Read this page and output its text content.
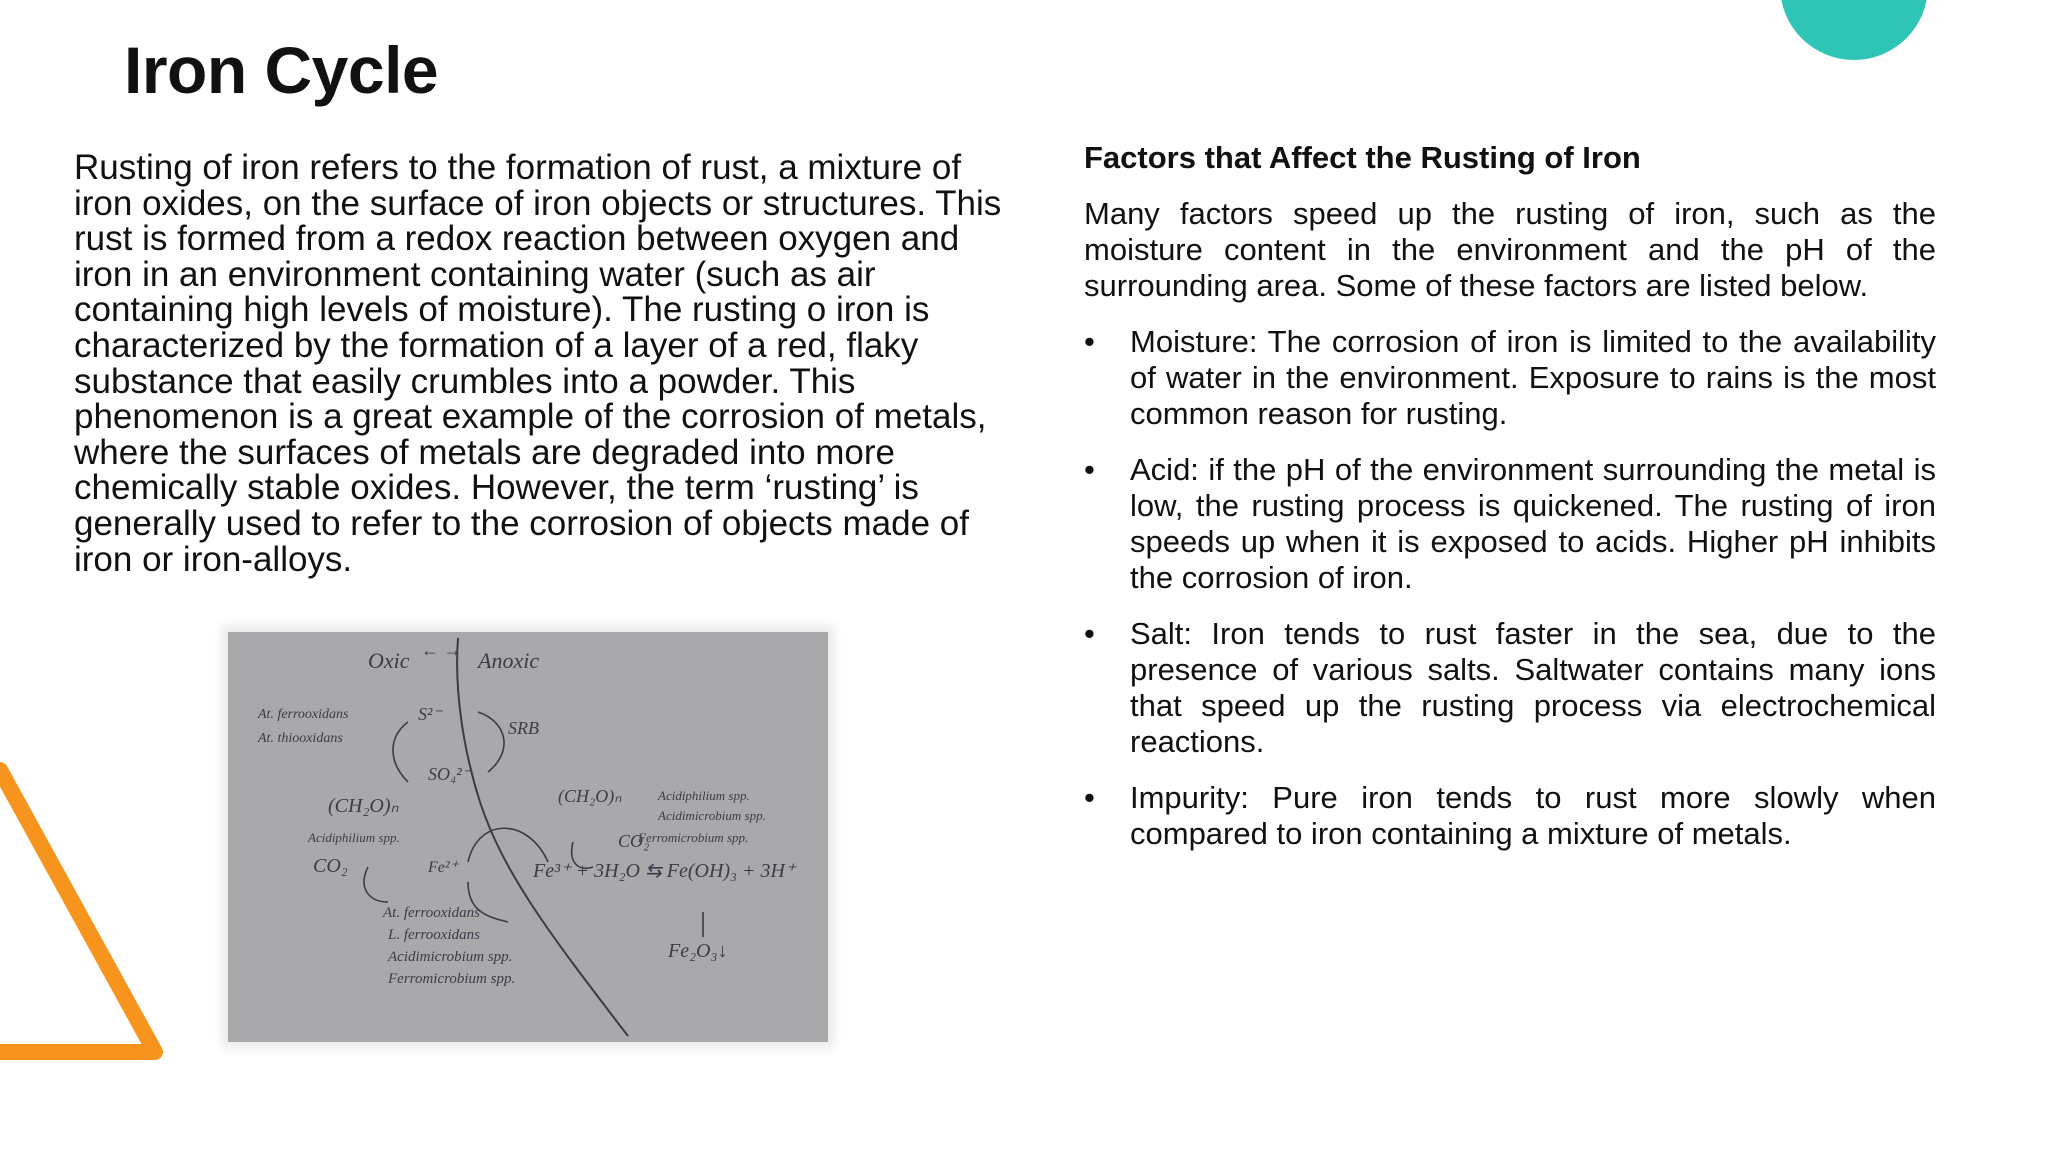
Iron Cycle

Rusting of iron refers to the formation of rust, a mixture of iron oxides, on the surface of iron objects or structures. This rust is formed from a redox reaction between oxygen and iron in an environment containing water (such as air containing high levels of moisture). The rusting o iron is characterized by the formation of a layer of a red, flaky substance that easily crumbles into a powder. This phenomenon is a great example of the corrosion of metals, where the surfaces of metals are degraded into more chemically stable oxides. However, the term ‘rusting’ is generally used to refer to the corrosion of objects made of iron or iron-alloys.

Oxic	Anoxic
← →
S²⁻
SRB
SO₄²⁻
At. ferrooxidans
At. thiooxidans
(CH₂O)ₙ
Acidiphilium spp.
CO₂	Fe²⁺	Fe³⁺ + 3H₂O ⇆ Fe(OH)₃ + 3H⁺
(CH₂O)ₙ
CO₂
Acidiphilium spp.
Acidimicrobium spp.
Ferromicrobium spp.
Fe₂O₃↓
At. ferrooxidans
L. ferrooxidans
Acidimicrobium spp.
Ferromicrobium spp.

Factors that Affect the Rusting of Iron

Many factors speed up the rusting of iron, such as the moisture content in the environment and the pH of the surrounding area. Some of these factors are listed below.

• Moisture: The corrosion of iron is limited to the availability of water in the environment. Exposure to rains is the most common reason for rusting.
• Acid: if the pH of the environment surrounding the metal is low, the rusting process is quickened. The rusting of iron speeds up when it is exposed to acids. Higher pH inhibits the corrosion of iron.
• Salt: Iron tends to rust faster in the sea, due to the presence of various salts. Saltwater contains many ions that speed up the rusting process via electrochemical reactions.
• Impurity: Pure iron tends to rust more slowly when compared to iron containing a mixture of metals.
